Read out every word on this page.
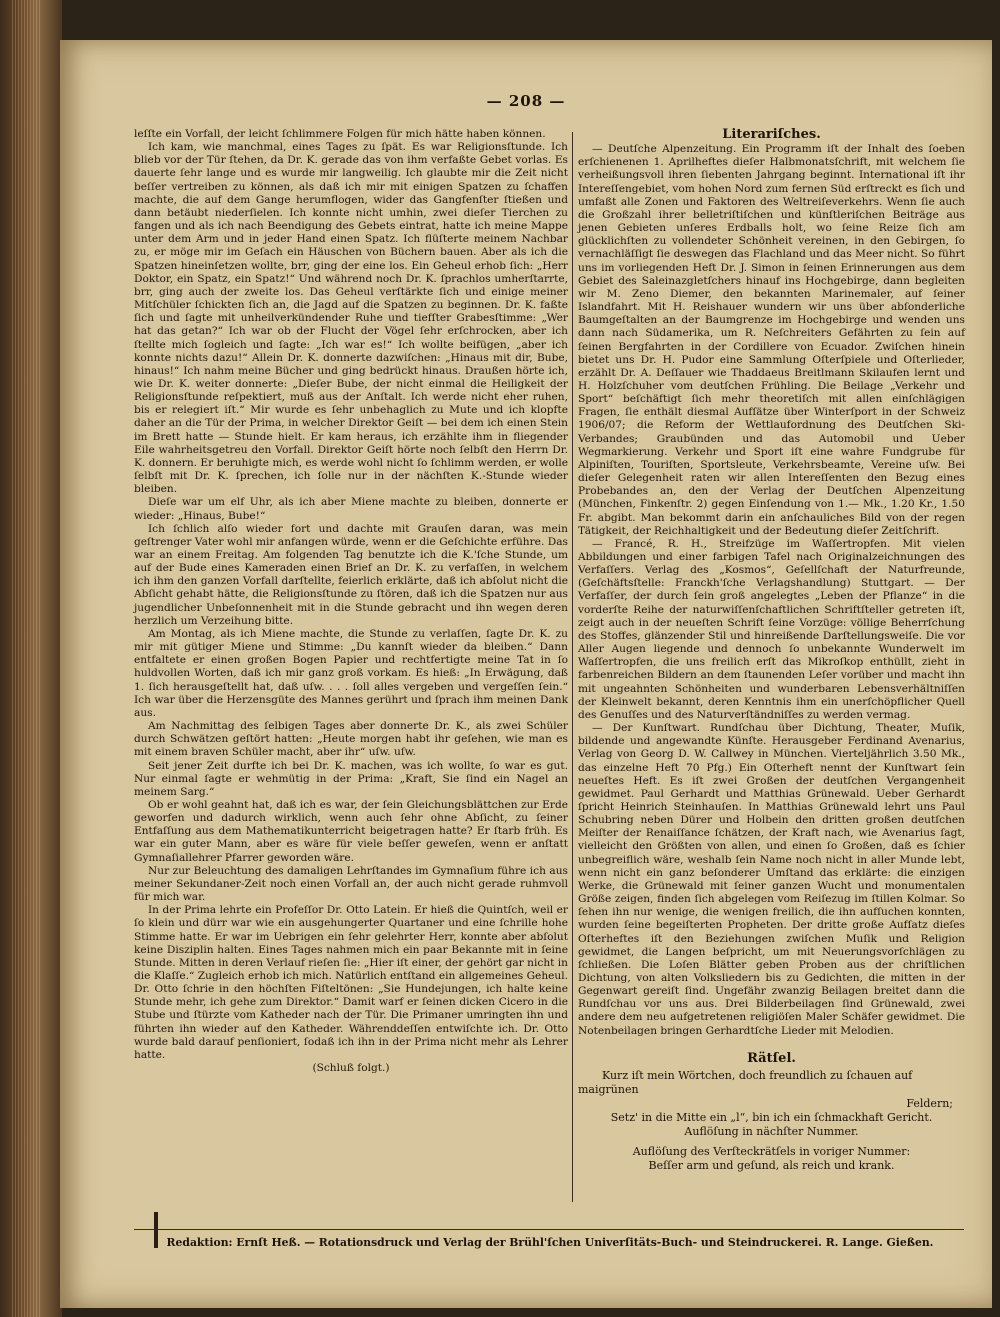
— 208 —

leſſte ein Vorfall, der leicht ſchlimmere Folgen für mich hätte haben können.

Ich kam, wie manchmal, eines Tages zu ſpät. Es war Religionsſtunde. Ich blieb vor der Tür ſtehen, da Dr. K. gerade das von ihm verfaßte Gebet vorlas. Es dauerte ſehr lange und es wurde mir langweilig. Ich glaubte mir die Zeit nicht beſſer vertreiben zu können, als daß ich mir mit einigen Spatzen zu ſchaffen machte, die auf dem Gange herumflogen, wider das Gangfenſter ſtießen und dann betäubt niederſielen. Ich konnte nicht umhin, zwei dieſer Tierchen zu fangen und als ich nach Beendigung des Gebets eintrat, hatte ich meine Mappe unter dem Arm und in jeder Hand einen Spatz. Ich flüſterte meinem Nachbar zu, er möge mir im Geſach ein Häuschen von Büchern bauen. Aber als ich die Spatzen hineinſetzen wollte, brr, ging der eine los. Ein Geheul erhob ſich: „Herr Doktor, ein Spatz, ein Spatz!“ Und während noch Dr. K. ſprachlos umherſtarrte, brr, ging auch der zweite los. Das Geheul verſtärkte ſich und einige meiner Mitſchüler ſchickten ſich an, die Jagd auf die Spatzen zu beginnen. Dr. K. faßte ſich und ſagte mit unheilverkündender Ruhe und tiefſter Grabesſtimme: „Wer hat das getan?“ Ich war ob der Flucht der Vögel ſehr erſchrocken, aber ich ſtellte mich ſogleich und ſagte: „Ich war es!“ Ich wollte beifügen, „aber ich konnte nichts dazu!“ Allein Dr. K. donnerte dazwiſchen: „Hinaus mit dir, Bube, hinaus!“ Ich nahm meine Bücher und ging bedrückt hinaus. Draußen hörte ich, wie Dr. K. weiter donnerte: „Dieſer Bube, der nicht einmal die Heiligkeit der Religionsſtunde reſpektiert, muß aus der Anſtalt. Ich werde nicht eher ruhen, bis er relegiert iſt.“ Mir wurde es ſehr unbehaglich zu Mute und ich klopfte daher an die Tür der Prima, in welcher Direktor Geiſt — bei dem ich einen Stein im Brett hatte — Stunde hielt. Er kam heraus, ich erzählte ihm in fliegender Eile wahrheitsgetreu den Vorfall. Direktor Geiſt hörte noch ſelbſt den Herrn Dr. K. donnern. Er beruhigte mich, es werde wohl nicht ſo ſchlimm werden, er wolle ſelbſt mit Dr. K. ſprechen, ich ſolle nur in der nächſten K.-Stunde wieder bleiben.

Dieſe war um elf Uhr, als ich aber Miene machte zu bleiben, donnerte er wieder: „Hinaus, Bube!“

Ich ſchlich alſo wieder fort und dachte mit Grauſen daran, was mein geſtrenger Vater wohl mir anfangen würde, wenn er die Geſchichte erführe. Das war an einem Freitag. Am folgenden Tag benutzte ich die K.'ſche Stunde, um auf der Bude eines Kameraden einen Brief an Dr. K. zu verfaſſen, in welchem ich ihm den ganzen Vorfall darſtellte, feierlich erklärte, daß ich abſolut nicht die Abſicht gehabt hätte, die Religionsſtunde zu ſtören, daß ich die Spatzen nur aus jugendlicher Unbeſonnenheit mit in die Stunde gebracht und ihn wegen deren herzlich um Verzeihung bitte.

Am Montag, als ich Miene machte, die Stunde zu verlaſſen, ſagte Dr. K. zu mir mit gütiger Miene und Stimme: „Du kannſt wieder da bleiben.“ Dann entfaltete er einen großen Bogen Papier und rechtfertigte meine Tat in ſo huldvollen Worten, daß ich mir ganz groß vorkam. Es hieß: „In Erwägung, daß 1. ſich herausgeſtellt hat, daß uſw. . . . ſoll alles vergeben und vergeſſen ſein.“ Ich war über die Herzensgüte des Mannes gerührt und ſprach ihm meinen Dank aus.

Am Nachmittag des ſelbigen Tages aber donnerte Dr. K., als zwei Schüler durch Schwätzen geſtört hatten: „Heute morgen habt ihr geſehen, wie man es mit einem braven Schüler macht, aber ihr“ uſw. uſw.

Seit jener Zeit durfte ich bei Dr. K. machen, was ich wollte, ſo war es gut. Nur einmal ſagte er wehmütig in der Prima: „Kraft, Sie ſind ein Nagel an meinem Sarg.“

Ob er wohl geahnt hat, daß ich es war, der ſein Gleichungsblättchen zur Erde geworfen und dadurch wirklich, wenn auch ſehr ohne Abſicht, zu ſeiner Entfaſſung aus dem Mathematikunterricht beigetragen hatte? Er ſtarb früh. Es war ein guter Mann, aber es wäre für viele beſſer geweſen, wenn er anſtatt Gymnaſiallehrer Pfarrer geworden wäre.

Nur zur Beleuchtung des damaligen Lehrſtandes im Gymnaſium führe ich aus meiner Sekundaner-Zeit noch einen Vorfall an, der auch nicht gerade ruhmvoll für mich war.

In der Prima lehrte ein Profeſſor Dr. Otto Latein. Er hieß die Quintſch, weil er ſo klein und dürr war wie ein ausgehungerter Quartaner und eine ſchrille hohe Stimme hatte. Er war im Uebrigen ein ſehr gelehrter Herr, konnte aber abſolut keine Disziplin halten. Eines Tages nahmen mich ein paar Bekannte mit in ſeine Stunde. Mitten in deren Verlauf rieſen ſie: „Hier iſt einer, der gehört gar nicht in die Klaſſe.“ Zugleich erhob ich mich. Natürlich entſtand ein allgemeines Geheul. Dr. Otto ſchrie in den höchſten Fiſteltönen: „Sie Hundejungen, ich halte keine Stunde mehr, ich gehe zum Direktor.“ Damit warf er ſeinen dicken Cicero in die Stube und ſtürzte vom Katheder nach der Tür. Die Primaner umringten ihn und führten ihn wieder auf den Katheder. Währenddeſſen entwiſchte ich. Dr. Otto wurde bald darauf penſioniert, ſodaß ich ihn in der Prima nicht mehr als Lehrer hatte.

(Schluß folgt.)

Literariſches.

— Deutſche Alpenzeitung. Ein Programm iſt der Inhalt des ſoeben erſchienenen 1. Aprilheftes dieſer Halbmonatsſchrift, mit welchem ſie verheißungsvoll ihren ſiebenten Jahrgang beginnt. International iſt ihr Intereſſengebiet, vom hohen Nord zum fernen Süd erſtreckt es ſich und umfaßt alle Zonen und Faktoren des Weltreiſeverkehrs. Wenn ſie auch die Großzahl ihrer belletriſtiſchen und künſtleriſchen Beiträge aus jenen Gebieten unſeres Erdballs holt, wo ſeine Reize ſich am glücklichſten zu vollendeter Schönheit vereinen, in den Gebirgen, ſo vernachläſſigt ſie deswegen das Flachland und das Meer nicht. So führt uns im vorliegenden Heft Dr. J. Simon in ſeinen Erinnerungen aus dem Gebiet des Saleinazgletſchers hinauf ins Hochgebirge, dann begleiten wir M. Zeno Diemer, den bekannten Marinemaler, auf ſeiner Islandfahrt. Mit H. Reishauer wundern wir uns über abſonderliche Baumgeſtalten an der Baumgrenze im Hochgebirge und wenden uns dann nach Südamerika, um R. Neſchreiters Gefährten zu ſein auf ſeinen Bergfahrten in der Cordillere von Ecuador. Zwiſchen hinein bietet uns Dr. H. Pudor eine Sammlung Oſterſpiele und Oſterlieder, erzählt Dr. A. Deſſauer wie Thaddaeus Breitlmann Skilaufen lernt und H. Holzſchuher vom deutſchen Frühling. Die Beilage „Verkehr und Sport“ beſchäftigt ſich mehr theoretiſch mit allen einſchlägigen Fragen, ſie enthält diesmal Aufſätze über Winterſport in der Schweiz 1906/07; die Reform der Wettlaufordnung des Deutſchen Ski-Verbandes; Graubünden und das Automobil und Ueber Wegmarkierung. Verkehr und Sport iſt eine wahre Fundgrube für Alpiniſten, Touriſten, Sportsleute, Verkehrsbeamte, Vereine uſw. Bei dieſer Gelegenheit raten wir allen Intereſſenten den Bezug eines Probebandes an, den der Verlag der Deutſchen Alpenzeitung (München, Finkenſtr. 2) gegen Einſendung von 1.— Mk., 1.20 Kr., 1.50 Fr. abgibt. Man bekommt darin ein anſchauliches Bild von der regen Tätigkeit, der Reichhaltigkeit und der Bedeutung dieſer Zeitſchrift.

— Francé, R. H., Streifzüge im Waſſertropfen. Mit vielen Abbildungen und einer farbigen Tafel nach Originalzeichnungen des Verfaſſers. Verlag des „Kosmos“, Geſellſchaft der Naturfreunde, (Geſchäftsſtelle: Franckh'ſche Verlagshandlung) Stuttgart. — Der Verfaſſer, der durch ſein groß angelegtes „Leben der Pflanze“ in die vorderſte Reihe der naturwiſſenſchaftlichen Schriftſteller getreten iſt, zeigt auch in der neueſten Schrift ſeine Vorzüge: völlige Beherrſchung des Stoffes, glänzender Stil und hinreißende Darſtellungsweiſe. Die vor Aller Augen liegende und dennoch ſo unbekannte Wunderwelt im Waſſertropfen, die uns freilich erſt das Mikroſkop enthüllt, zieht in farbenreichen Bildern an dem ſtaunenden Leſer vorüber und macht ihn mit ungeahnten Schönheiten und wunderbaren Lebensverhältniſſen der Kleinwelt bekannt, deren Kenntnis ihm ein unerſchöpflicher Quell des Genuſſes und des Naturverſtändniſſes zu werden vermag.

— Der Kunſtwart. Rundſchau über Dichtung, Theater, Muſik, bildende und angewandte Künſte. Herausgeber Ferdinand Avenarius, Verlag von Georg D. W. Callwey in München. Vierteljährlich 3.50 Mk., das einzelne Heft 70 Pfg.) Ein Oſterheft nennt der Kunſtwart ſein neueſtes Heft. Es iſt zwei Großen der deutſchen Vergangenheit gewidmet. Paul Gerhardt und Matthias Grünewald. Ueber Gerhardt ſpricht Heinrich Steinhauſen. In Matthias Grünewald lehrt uns Paul Schubring neben Dürer und Holbein den dritten großen deutſchen Meiſter der Renaiſſance ſchätzen, der Kraft nach, wie Avenarius ſagt, vielleicht den Größten von allen, und einen ſo Großen, daß es ſchier unbegreiflich wäre, weshalb ſein Name noch nicht in aller Munde lebt, wenn nicht ein ganz beſonderer Umſtand das erklärte: die einzigen Werke, die Grünewald mit ſeiner ganzen Wucht und monumentalen Größe zeigen, finden ſich abgelegen vom Reiſezug im ſtillen Kolmar. So ſehen ihn nur wenige, die wenigen freilich, die ihn aufſuchen konnten, wurden ſeine begeiſterten Propheten. Der dritte große Aufſatz dieſes Oſterheftes iſt den Beziehungen zwiſchen Muſik und Religion gewidmet, die Langen beſpricht, um mit Neuerungsvorſchlägen zu ſchließen. Die Loſen Blätter geben Proben aus der chriſtlichen Dichtung, von alten Volksliedern bis zu Gedichten, die mitten in der Gegenwart gereiſt ſind. Ungefähr zwanzig Beilagen breitet dann die Rundſchau vor uns aus. Drei Bilderbeilagen ſind Grünewald, zwei andere dem neu aufgetretenen religiöſen Maler Schäfer gewidmet. Die Notenbeilagen bringen Gerhardtſche Lieder mit Melodien.

Rätſel.
Kurz iſt mein Wörtchen, doch freundlich zu ſchauen auf maigrünen
Feldern;
Setz' in die Mitte ein „l“, bin ich ein ſchmackhaft Gericht.
Auflöſung in nächſter Nummer.
Auflöſung des Verſteckrätſels in voriger Nummer:
Beſſer arm und geſund, als reich und krank.
Redaktion: Ernſt Heß. — Rotationsdruck und Verlag der Brühl'ſchen Univerſitäts-Buch- und Steindruckerei. R. Lange. Gießen.
